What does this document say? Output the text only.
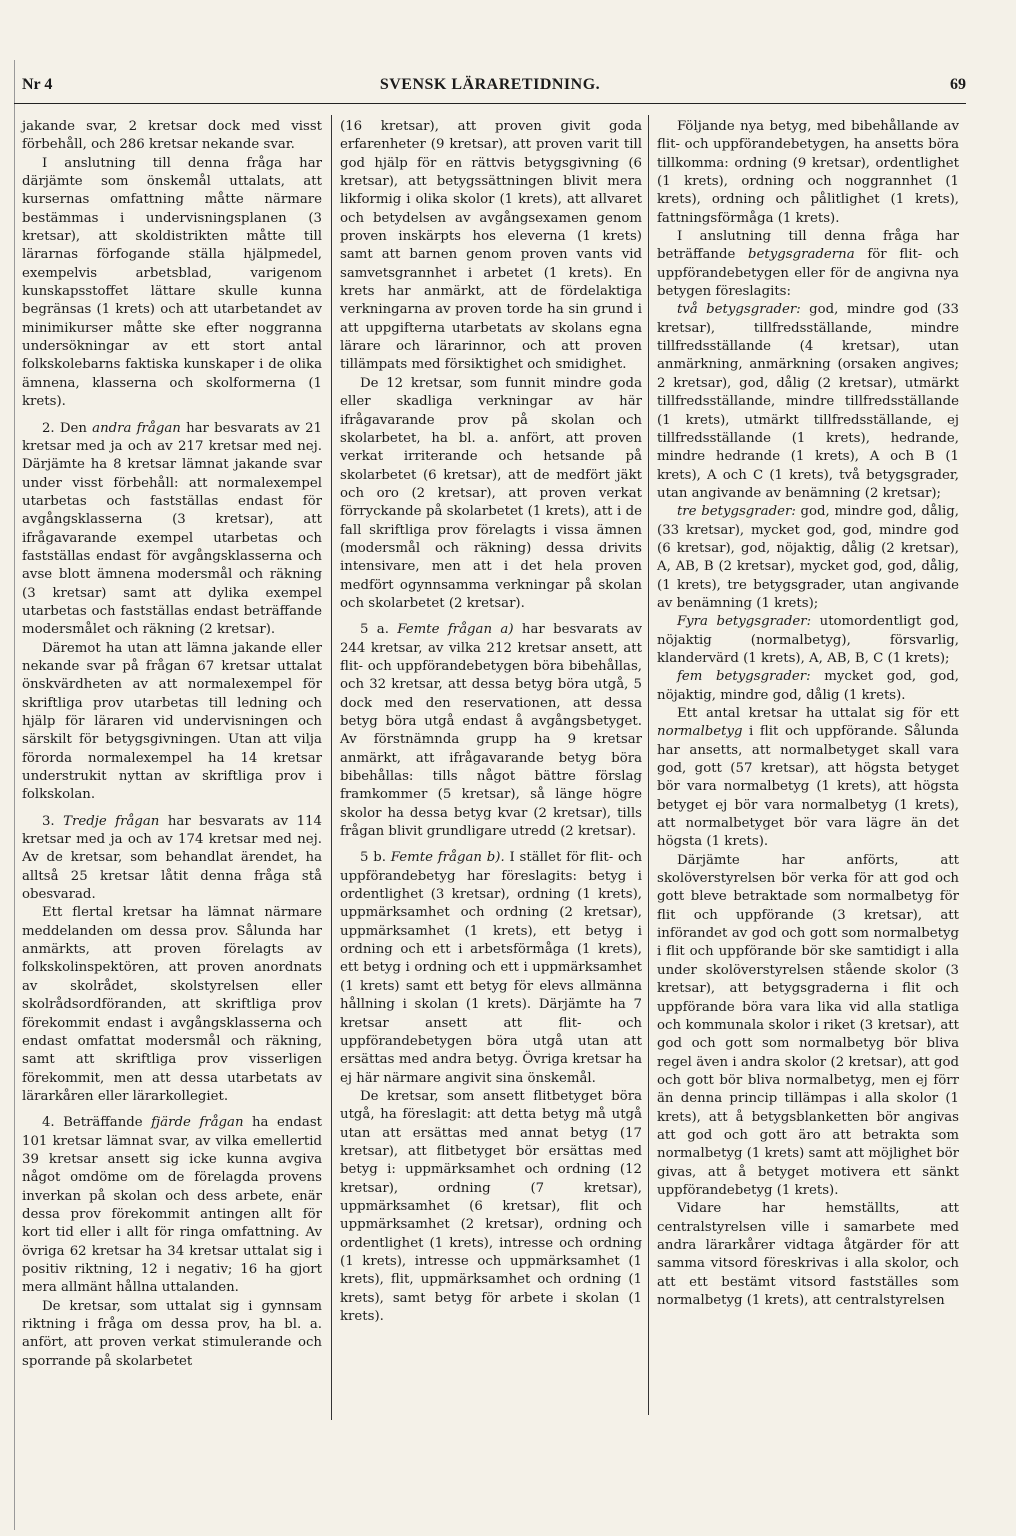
Nr 4	SVENSK LÄRARETIDNING.	69

jakande svar, 2 kretsar dock med visst förbehåll, och 286 kretsar nekande svar.

I anslutning till denna fråga har därjämte som önskemål uttalats, att kursernas omfattning måtte närmare bestämmas i undervisningsplanen (3 kretsar), att skoldistrikten måtte till lärarnas förfogande ställa hjälpmedel, exempelvis arbetsblad, varigenom kunskapsstoffet lättare skulle kunna begränsas (1 krets) och att utarbetandet av minimikurser måtte ske efter noggranna undersökningar av ett stort antal folkskolebarns faktiska kunskaper i de olika ämnena, klasserna och skolformerna (1 krets).

2. Den andra frågan har besvarats av 21 kretsar med ja och av 217 kretsar med nej. Därjämte ha 8 kretsar lämnat jakande svar under visst förbehåll: att normalexempel utarbetas och fastställas endast för avgångsklasserna (3 kretsar), att ifrågavarande exempel utarbetas och fastställas endast för avgångsklasserna och avse blott ämnena modersmål och räkning (3 kretsar) samt att dylika exempel utarbetas och fastställas endast beträffande modersmålet och räkning (2 kretsar).

Däremot ha utan att lämna jakande eller nekande svar på frågan 67 kretsar uttalat önskvärdheten av att normalexempel för skriftliga prov utarbetas till ledning och hjälp för läraren vid undervisningen och särskilt för betygsgivningen. Utan att vilja förorda normalexempel ha 14 kretsar understrukit nyttan av skriftliga prov i folkskolan.

3. Tredje frågan har besvarats av 114 kretsar med ja och av 174 kretsar med nej. Av de kretsar, som behandlat ärendet, ha alltså 25 kretsar låtit denna fråga stå obesvarad.

Ett flertal kretsar ha lämnat närmare meddelanden om dessa prov. Sålunda har anmärkts, att proven förelagts av folkskolinspektören, att proven anordnats av skolrådet, skolstyrelsen eller skolrådsordföranden, att skriftliga prov förekommit endast i avgångsklasserna och endast omfattat modersmål och räkning, samt att skriftliga prov visserligen förekommit, men att dessa utarbetats av lärarkåren eller lärarkollegiet.

4. Beträffande fjärde frågan ha endast 101 kretsar lämnat svar, av vilka emellertid 39 kretsar ansett sig icke kunna avgiva något omdöme om de förelagda provens inverkan på skolan och dess arbete, enär dessa prov förekommit antingen allt för kort tid eller i allt för ringa omfattning. Av övriga 62 kretsar ha 34 kretsar uttalat sig i positiv riktning, 12 i negativ; 16 ha gjort mera allmänt hållna uttalanden.

De kretsar, som uttalat sig i gynnsam riktning i fråga om dessa prov, ha bl. a. anfört, att proven verkat stimulerande och sporrande på skolarbetet

(16 kretsar), att proven givit goda erfarenheter (9 kretsar), att proven varit till god hjälp för en rättvis betygsgivning (6 kretsar), att betygssättningen blivit mera likformig i olika skolor (1 krets), att allvaret och betydelsen av avgångsexamen genom proven inskärpts hos eleverna (1 krets) samt att barnen genom proven vants vid samvetsgrannhet i arbetet (1 krets). En krets har anmärkt, att de fördelaktiga verkningarna av proven torde ha sin grund i att uppgifterna utarbetats av skolans egna lärare och lärarinnor, och att proven tillämpats med försiktighet och smidighet.

De 12 kretsar, som funnit mindre goda eller skadliga verkningar av här ifrågavarande prov på skolan och skolarbetet, ha bl. a. anfört, att proven verkat irriterande och hetsande på skolarbetet (6 kretsar), att de medfört jäkt och oro (2 kretsar), att proven verkat förryckande på skolarbetet (1 krets), att i de fall skriftliga prov förelagts i vissa ämnen (modersmål och räkning) dessa drivits intensivare, men att i det hela proven medfört ogynnsamma verkningar på skolan och skolarbetet (2 kretsar).

5 a. Femte frågan a) har besvarats av 244 kretsar, av vilka 212 kretsar ansett, att flit- och uppförandebetygen böra bibehållas, och 32 kretsar, att dessa betyg böra utgå, 5 dock med den reservationen, att dessa betyg böra utgå endast å avgångsbetyget. Av förstnämnda grupp ha 9 kretsar anmärkt, att ifrågavarande betyg böra bibehållas: tills något bättre förslag framkommer (5 kretsar), så länge högre skolor ha dessa betyg kvar (2 kretsar), tills frågan blivit grundligare utredd (2 kretsar).

5 b. Femte frågan b). I stället för flit- och uppförandebetyg har föreslagits: betyg i ordentlighet (3 kretsar), ordning (1 krets), uppmärksamhet och ordning (2 kretsar), uppmärksamhet (1 krets), ett betyg i ordning och ett i arbetsförmåga (1 krets), ett betyg i ordning och ett i uppmärksamhet (1 krets) samt ett betyg för elevs allmänna hållning i skolan (1 krets). Därjämte ha 7 kretsar ansett att flit- och uppförandebetygen böra utgå utan att ersättas med andra betyg. Övriga kretsar ha ej här närmare angivit sina önskemål.

De kretsar, som ansett flitbetyget böra utgå, ha föreslagit: att detta betyg må utgå utan att ersättas med annat betyg (17 kretsar), att flitbetyget bör ersättas med betyg i: uppmärksamhet och ordning (12 kretsar), ordning (7 kretsar), uppmärksamhet (6 kretsar), flit och uppmärksamhet (2 kretsar), ordning och ordentlighet (1 krets), intresse och ordning (1 krets), intresse och uppmärksamhet (1 krets), flit, uppmärksamhet och ordning (1 krets), samt betyg för arbete i skolan (1 krets).

Följande nya betyg, med bibehållande av flit- och uppförandebetygen, ha ansetts böra tillkomma: ordning (9 kretsar), ordentlighet (1 krets), ordning och noggrannhet (1 krets), ordning och pålitlighet (1 krets), fattningsförmåga (1 krets).

I anslutning till denna fråga har beträffande betygsgraderna för flit- och uppförandebetygen eller för de angivna nya betygen föreslagits:

två betygsgrader: god, mindre god (33 kretsar), tillfredsställande, mindre tillfredsställande (4 kretsar), utan anmärkning, anmärkning (orsaken angives; 2 kretsar), god, dålig (2 kretsar), utmärkt tillfredsställande, mindre tillfredsställande (1 krets), utmärkt tillfredsställande, ej tillfredsställande (1 krets), hedrande, mindre hedrande (1 krets), A och B (1 krets), A och C (1 krets), två betygsgrader, utan angivande av benämning (2 kretsar);

tre betygsgrader: god, mindre god, dålig, (33 kretsar), mycket god, god, mindre god (6 kretsar), god, nöjaktig, dålig (2 kretsar), A, AB, B (2 kretsar), mycket god, god, dålig, (1 krets), tre betygsgrader, utan angivande av benämning (1 krets);

Fyra betygsgrader: utomordentligt god, nöjaktig (normalbetyg), försvarlig, klandervärd (1 krets), A, AB, B, C (1 krets);

fem betygsgrader: mycket god, god, nöjaktig, mindre god, dålig (1 krets).

Ett antal kretsar ha uttalat sig för ett normalbetyg i flit och uppförande. Sålunda har ansetts, att normalbetyget skall vara god, gott (57 kretsar), att högsta betyget bör vara normalbetyg (1 krets), att högsta betyget ej bör vara normalbetyg (1 krets), att normalbetyget bör vara lägre än det högsta (1 krets).

Därjämte har anförts, att skolöverstyrelsen bör verka för att god och gott bleve betraktade som normalbetyg för flit och uppförande (3 kretsar), att införandet av god och gott som normalbetyg i flit och uppförande bör ske samtidigt i alla under skolöverstyrelsen stående skolor (3 kretsar), att betygsgraderna i flit och uppförande böra vara lika vid alla statliga och kommunala skolor i riket (3 kretsar), att god och gott som normalbetyg bör bliva regel även i andra skolor (2 kretsar), att god och gott bör bliva normalbetyg, men ej förr än denna princip tillämpas i alla skolor (1 krets), att å betygsblanketten bör angivas att god och gott äro att betrakta som normalbetyg (1 krets) samt att möjlighet bör givas, att å betyget motivera ett sänkt uppförandebetyg (1 krets).

Vidare har hemställts, att centralstyrelsen ville i samarbete med andra lärarkårer vidtaga åtgärder för att samma vitsord föreskrivas i alla skolor, och att ett bestämt vitsord fastställes som normalbetyg (1 krets), att centralstyrelsen
